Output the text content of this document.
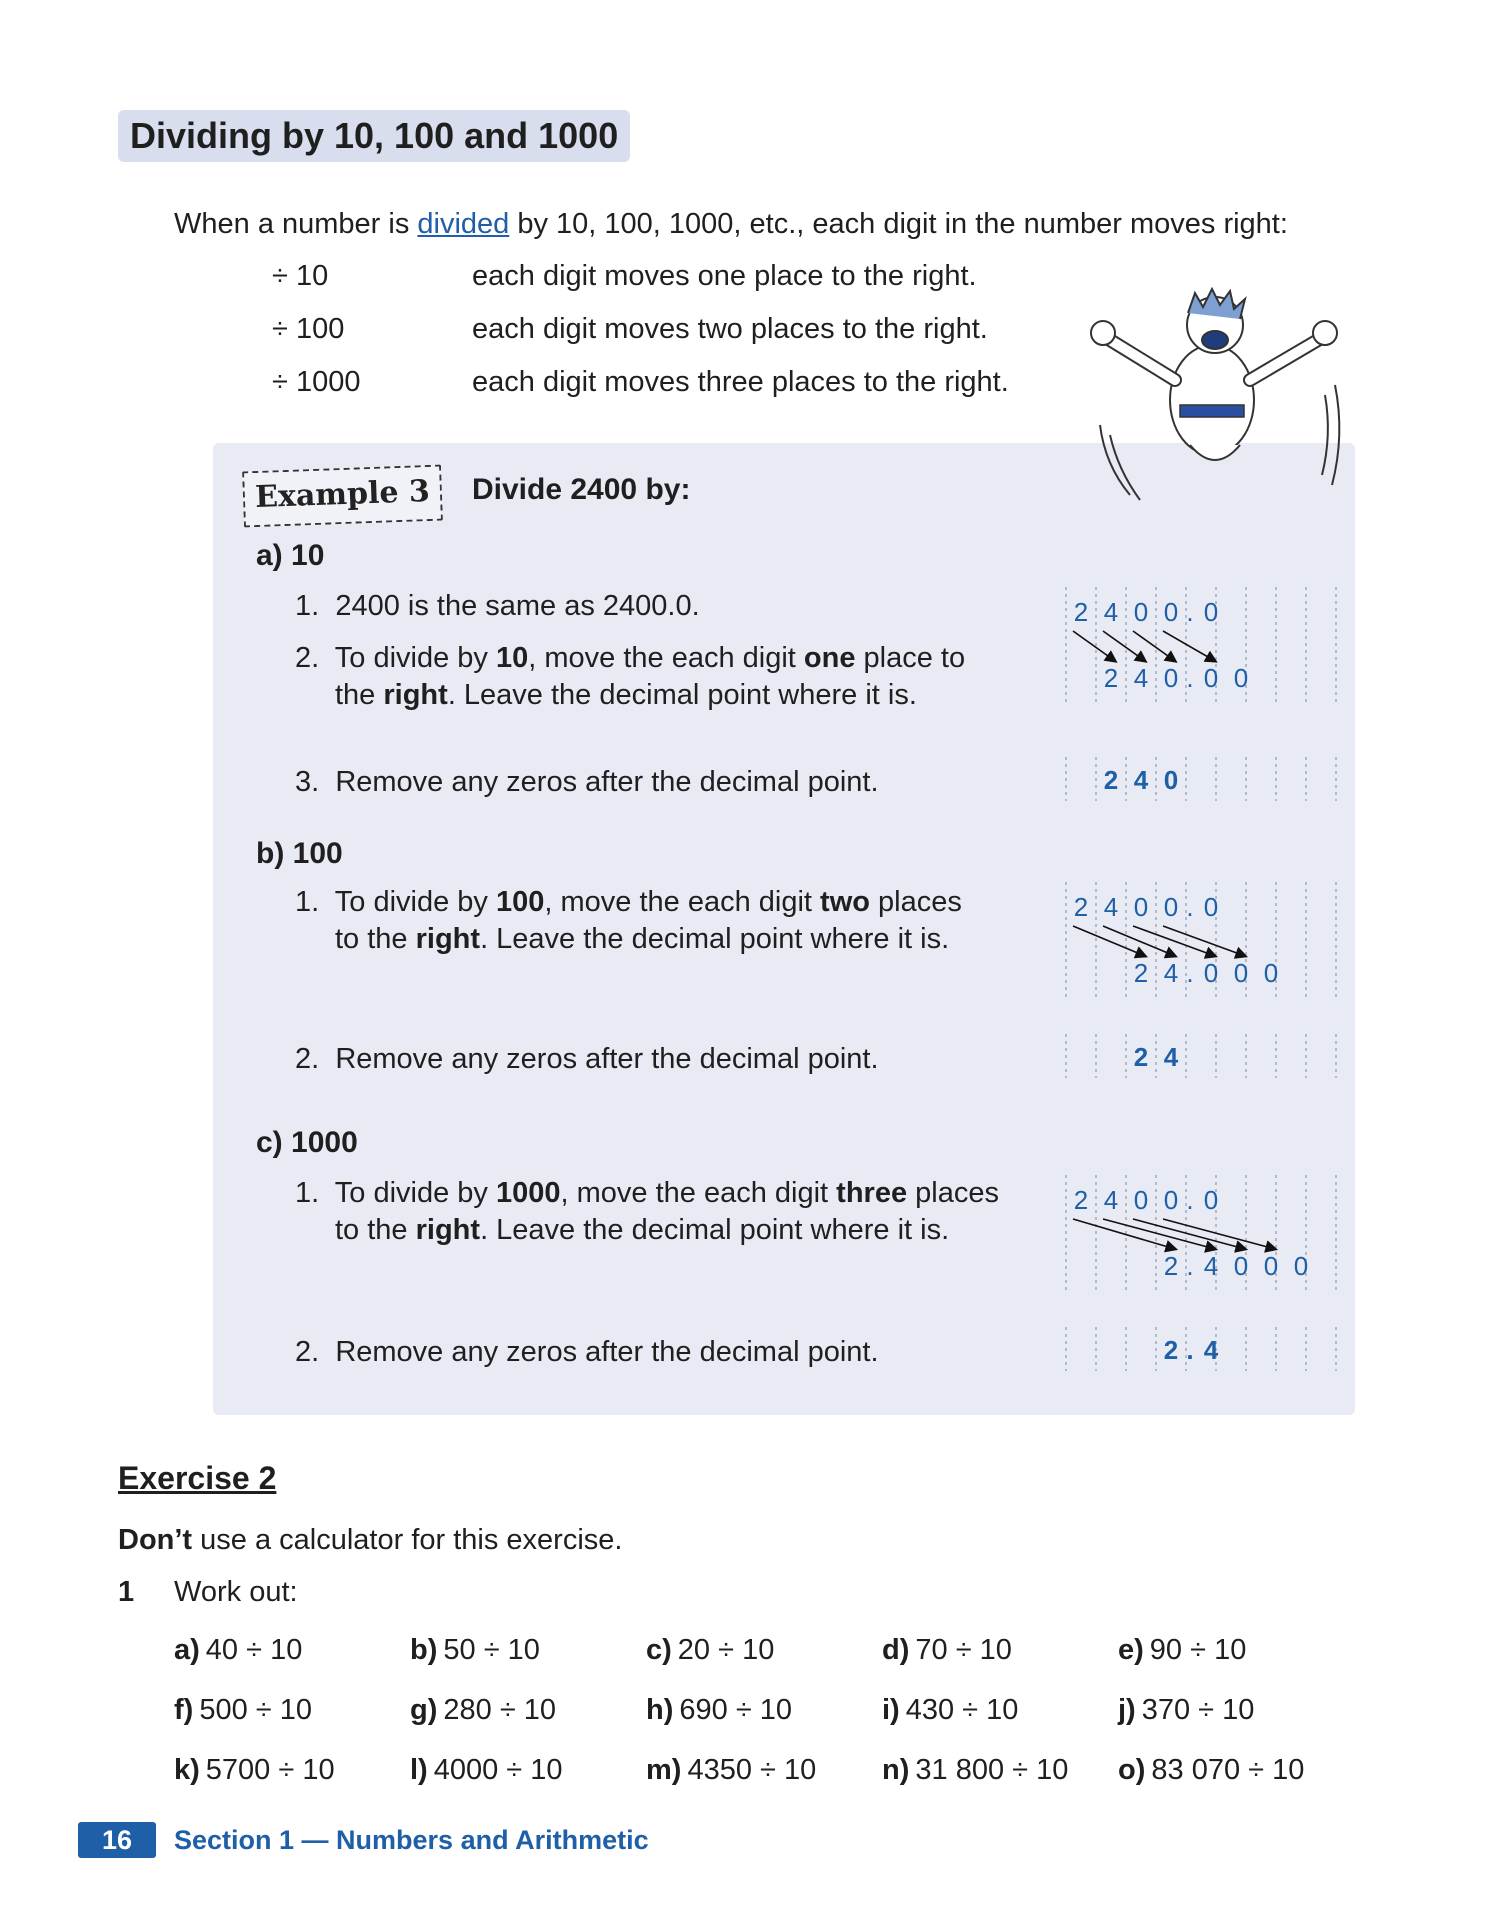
Dividing by 10, 100 and 1000
When a number is divided by 10, 100, 1000, etc., each digit in the number moves right:
÷ 10	each digit moves one place to the right.
÷ 100	each digit moves two places to the right.
÷ 1000	each digit moves three places to the right.
Example 3	Divide 2400 by:
a) 10
1. 2400 is the same as 2400.0.
2. To divide by 10, move the each digit one place to
the right. Leave the decimal point where it is.
3. Remove any zeros after the decimal point.
b) 100
1. To divide by 100, move the each digit two places
to the right. Leave the decimal point where it is.
2. Remove any zeros after the decimal point.
c) 1000
1. To divide by 1000, move the each digit three places
to the right. Leave the decimal point where it is.
2. Remove any zeros after the decimal point.
2 4 0 0 . 0
2 4 0 . 0 0
2 4 0
2 4 0 0 . 0
2 4 . 0 0 0
2 4
2 4 0 0 . 0
2 . 4 0 0 0
2 . 4
Exercise 2
Don’t use a calculator for this exercise.
1 Work out:
a) 40 ÷ 10	b) 50 ÷ 10	c) 20 ÷ 10	d) 70 ÷ 10	e) 90 ÷ 10
f) 500 ÷ 10	g) 280 ÷ 10	h) 690 ÷ 10	i) 430 ÷ 10	j) 370 ÷ 10
k) 5700 ÷ 10	l) 4000 ÷ 10	m) 4350 ÷ 10 n) 31 800 ÷ 10 o) 83 070 ÷ 10
16	Section 1 — Numbers and Arithmetic
